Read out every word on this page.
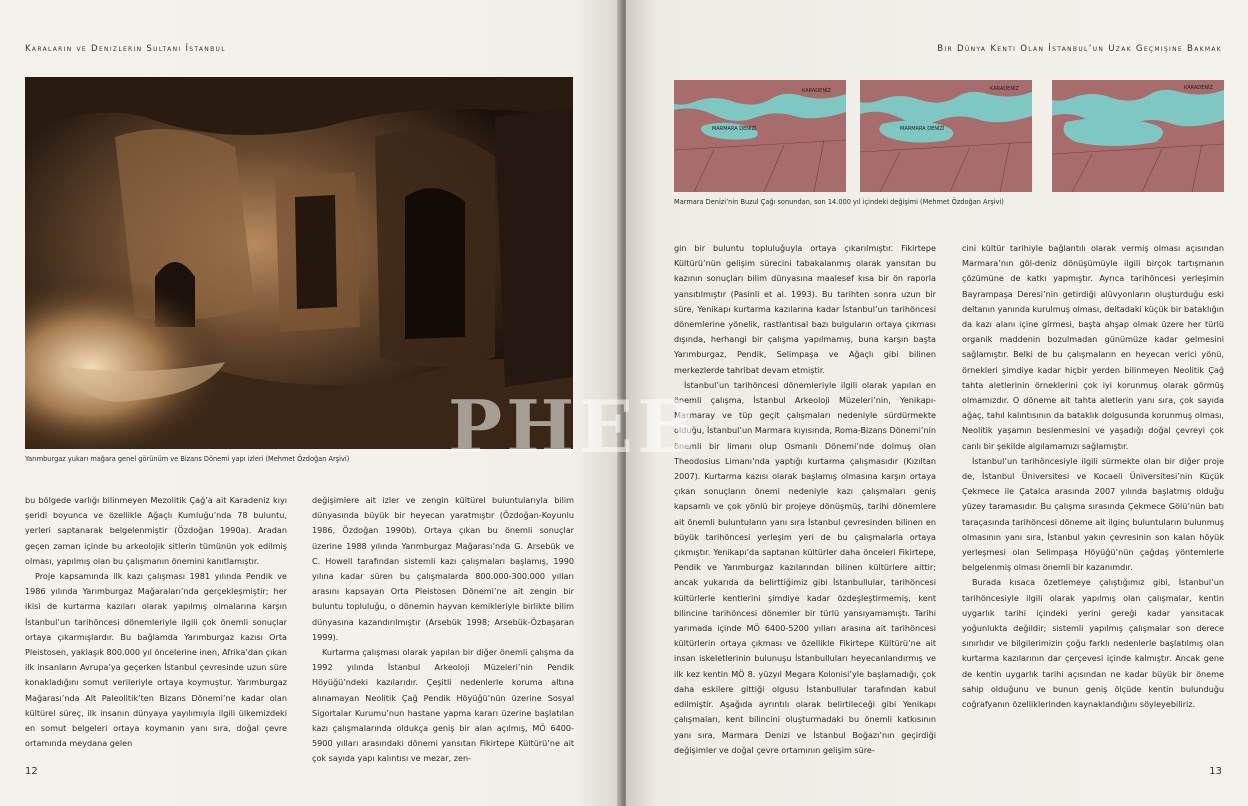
Karaların ve Denizlerin Sultanı İstanbul
Yarımburgaz yukarı mağara genel görünüm ve Bizans Dönemi yapı izleri (Mehmet Özdoğan Arşivi)

bu bölgede varlığı bilinmeyen Mezolitik Çağ’a ait Karadeniz kıyı şeridi boyunca ve özellikle Ağaçlı Kumluğu’nda 78 buluntu, yerleri saptanarak belgelenmiştir (Özdoğan 1990a). Aradan geçen zaman içinde bu arkeolojik sitlerin tümünün yok edilmiş olması, yapılmış olan bu çalışmanın önemini kanıtlamıştır.

Proje kapsamında ilk kazı çalışması 1981 yılında Pendik ve 1986 yılında Yarımburgaz Mağaraları’nda gerçekleşmiştir; her ikisi de kurtarma kazıları olarak yapılmış olmalarına karşın İstanbul’un tarihöncesi dönemleriyle ilgili çok önemli sonuçlar ortaya çıkarmışlardır. Bu bağlamda Yarımburgaz kazısı Orta Pleistosen, yaklaşık 800.000 yıl öncelerine inen, Afrika’dan çıkan ilk insanların Avrupa’ya geçerken İstanbul çevresinde uzun süre konakladığını somut verileriyle ortaya koymuştur. Yarımburgaz Mağarası’nda Alt Paleolitik’ten Bizans Dönemi’ne kadar olan kültürel süreç, ilk insanın dünyaya yayılımıyla ilgili ülkemizdeki en somut belgeleri ortaya koymanın yanı sıra, doğal çevre ortamında meydana gelen

değişimlere ait izler ve zengin kültürel buluntularıyla bilim dünyasında büyük bir heyecan yaratmıştır (Özdoğan-Koyunlu 1986, Özdoğan 1990b). Ortaya çıkan bu önemli sonuçlar üzerine 1988 yılında Yarımburgaz Mağarası’nda G. Arsebük ve C. Howell tarafından sistemli kazı çalışmaları başlamış, 1990 yılına kadar süren bu çalışmalarda 800.000-300.000 yılları arasını kapsayan Orta Pleistosen Dönemi’ne ait zengin bir buluntu topluluğu, o dönemin hayvan kemikleriyle birlikte bilim dünyasına kazandırılmıştır (Arsebük 1998; Arsebük-Özbaşaran 1999).

Kurtarma çalışması olarak yapılan bir diğer önemli çalışma da 1992 yılında İstanbul Arkeoloji Müzeleri’nin Pendik Höyüğü’ndeki kazılarıdır. Çeşitli nedenlerle koruma altına alınamayan Neolitik Çağ Pendik Höyüğü’nün üzerine Sosyal Sigortalar Kurumu’nun hastane yapma kararı üzerine başlatılan kazı çalışmalarında oldukça geniş bir alan açılmış, MÖ 6400-5900 yılları arasındaki dönemi yansıtan Fikirtepe Kültürü’ne ait çok sayıda yapı kalıntısı ve mezar, zen-

12
Bir Dünya Kenti Olan İstanbul’un Uzak Geçmişine Bakmak
KARADENİZ
MARMARA DENİZİ
KARADENİZ
MARMARA DENİZİ
KARADENİZ
Marmara Denizi’nin Buzul Çağı sonundan, son 14.000 yıl içindeki değişimi (Mehmet Özdoğan Arşivi)

gin bir buluntu topluluğuyla ortaya çıkarılmıştır. Fikirtepe Kültürü’nün gelişim sürecini tabakalanmış olarak yansıtan bu kazının sonuçları bilim dünyasına maalesef kısa bir ön raporla yansıtılmıştır (Pasinli et al. 1993). Bu tarihten sonra uzun bir süre, Yenikapı kurtarma kazılarına kadar İstanbul’un tarihöncesi dönemlerine yönelik, rastlantısal bazı bulguların ortaya çıkması dışında, herhangi bir çalışma yapılmamış, buna karşın başta Yarımburgaz, Pendik, Selimpaşa ve Ağaçlı gibi bilinen merkezlerde tahribat devam etmiştir.

İstanbul’un tarihöncesi dönemleriyle ilgili olarak yapılan en önemli çalışma, İstanbul Arkeoloji Müzeleri’nin, Yenikapı-Marmaray ve tüp geçit çalışmaları nedeniyle sürdürmekte olduğu, İstanbul’un Marmara kıyısında, Roma-Bizans Dönemi’nin önemli bir limanı olup Osmanlı Dönemi’nde dolmuş olan Theodosius Limanı’nda yaptığı kurtarma çalışmasıdır (Kızıltan 2007). Kurtarma kazısı olarak başlamış olmasına karşın ortaya çıkan sonuçların önemi nedeniyle kazı çalışmaları geniş kapsamlı ve çok yönlü bir projeye dönüşmüş, tarihi dönemlere ait önemli buluntuların yanı sıra İstanbul çevresinden bilinen en büyük tarihöncesi yerleşim yeri de bu çalışmalarla ortaya çıkmıştır. Yenikapı’da saptanan kültürler daha önceleri Fikirtepe, Pendik ve Yarımburgaz kazılarından bilinen kültürlere aittir; ancak yukarıda da belirttiğimiz gibi İstanbullular, tarihöncesi kültürlerle kentlerini şimdiye kadar özdeşleştirmemiş, kent bilincine tarihöncesi dönemler bir türlü yansıyamamıştı. Tarihi yarımada içinde MÖ 6400-5200 yılları arasına ait tarihöncesi kültürlerin ortaya çıkması ve özellikle Fikirtepe Kültürü’ne ait insan iskeletlerinin bulunuşu İstanbulluları heyecanlandırmış ve ilk kez kentin MÖ 8. yüzyıl Megara Kolonisi’yle başlamadığı, çok daha eskilere gittiği olgusu İstanbullular tarafından kabul edilmiştir. Aşağıda ayrıntılı olarak belirtileceği gibi Yenikapı çalışmaları, kent bilincini oluşturmadaki bu önemli katkısının yanı sıra, Marmara Denizi ve İstanbul Boğazı’nın geçirdiği değişimler ve doğal çevre ortamının gelişim süre-

cini kültür tarihiyle bağlantılı olarak vermiş olması açısından Marmara’nın göl-deniz dönüşümüyle ilgili birçok tartışmanın çözümüne de katkı yapmıştır. Ayrıca tarihöncesi yerleşimin Bayrampaşa Deresi’nin getirdiği alüvyonların oluşturduğu eski deltanın yanında kurulmuş olması, deltadaki küçük bir bataklığın da kazı alanı içine girmesi, başta ahşap olmak üzere her türlü organik maddenin bozulmadan günümüze kadar gelmesini sağlamıştır. Belki de bu çalışmaların en heyecan verici yönü, örnekleri şimdiye kadar hiçbir yerden bilinmeyen Neolitik Çağ tahta aletlerinin örneklerini çok iyi korunmuş olarak görmüş olmamızdır. O döneme ait tahta aletlerin yanı sıra, çok sayıda ağaç, tahıl kalıntısının da bataklık dolgusunda korunmuş olması, Neolitik yaşamın beslenmesini ve yaşadığı doğal çevreyi çok canlı bir şekilde algılamamızı sağlamıştır.

İstanbul’un tarihöncesiyle ilgili sürmekte olan bir diğer proje de, İstanbul Üniversitesi ve Kocaeli Üniversitesi’nin Küçük Çekmece ile Çatalca arasında 2007 yılında başlatmış olduğu yüzey taramasıdır. Bu çalışma sırasında Çekmece Gölü’nün batı taraçasında tarihöncesi döneme ait ilginç buluntuların bulunmuş olmasının yanı sıra, İstanbul yakın çevresinin son kalan höyük yerleşmesi olan Selimpaşa Höyüğü’nün çağdaş yöntemlerle belgelenmiş olması önemli bir kazanımdır.

Burada kısaca özetlemeye çalıştığımız gibi, İstanbul’un tarihöncesiyle ilgili olarak yapılmış olan çalışmalar, kentin uygarlık tarihi içindeki yerini gereği kadar yansıtacak yoğunlukta değildir; sistemli yapılmış çalışmalar son derece sınırlıdır ve bilgilerimizin çoğu farklı nedenlerle başlatılmış olan kurtarma kazılarının dar çerçevesi içinde kalmıştır. Ancak gene de kentin uygarlık tarihi açısından ne kadar büyük bir öneme sahip olduğunu ve bunun geniş ölçüde kentin bulunduğu coğrafyanın özelliklerinden kaynaklandığını söyleyebiliriz.

13
PHEB
